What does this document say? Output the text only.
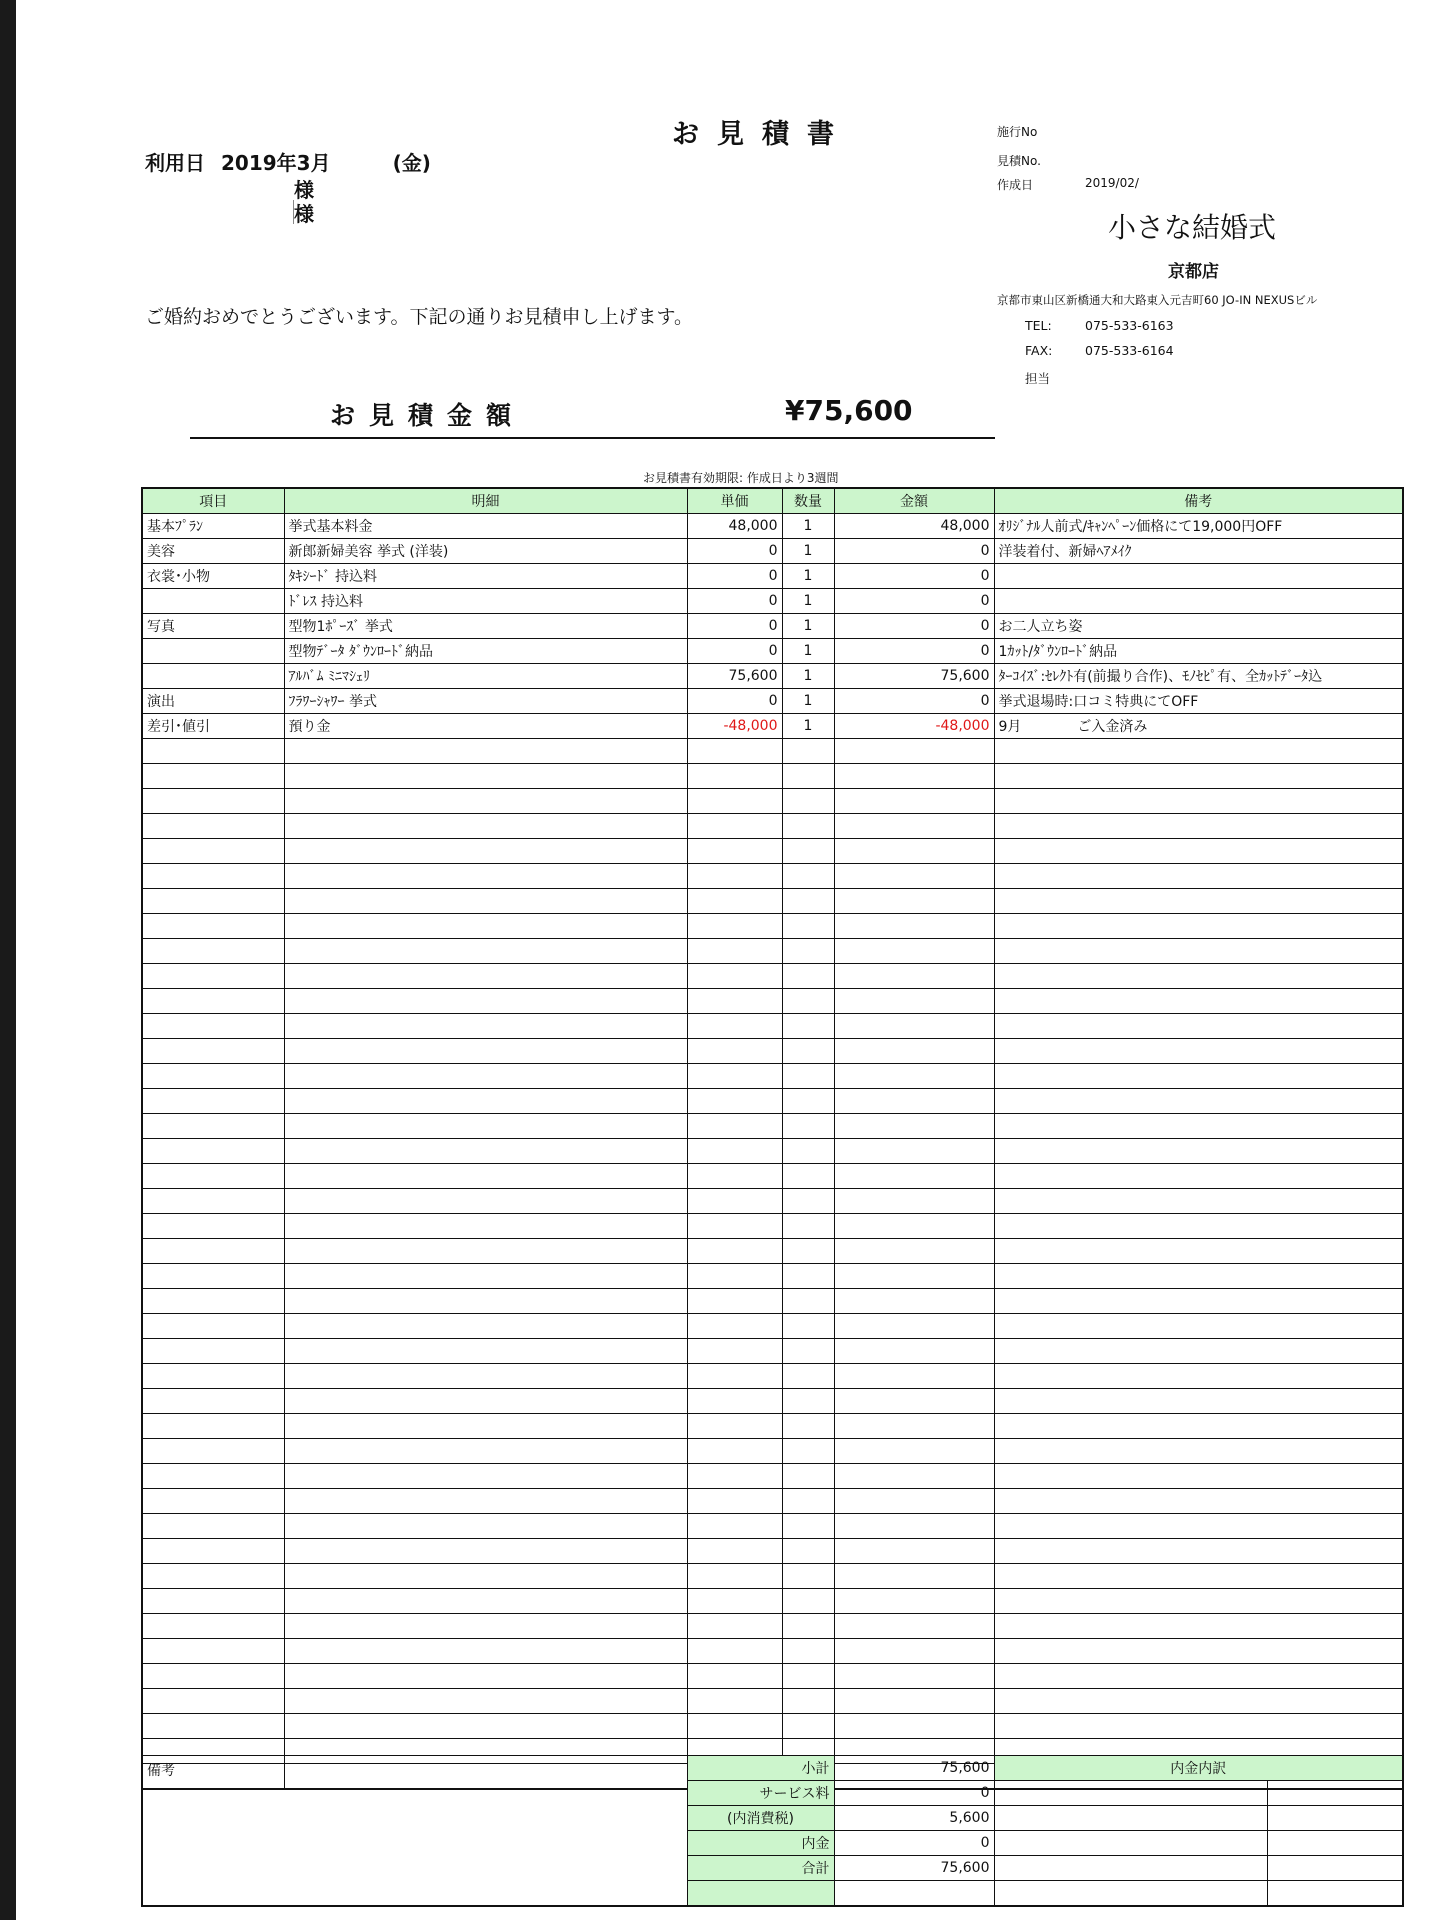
お見積書
利用日 2019年3月	(金)
様
様
施行No
見積No.
作成日	2019/02/
小さな結婚式
京都店
京都市東山区新橋通大和大路東入元吉町60 JO-IN NEXUSビル
TEL:	075-533-6163
FAX:	075-533-6164
担当
ご婚約おめでとうございます。下記の通りお見積申し上げます。
お見積金額	¥75,600
お見積書有効期限: 作成日より3週間
項目	明細	単価	数量	金額	備考
基本ﾌﾟﾗﾝ	挙式基本料金	48,000	1	48,000	ｵﾘｼﾞﾅﾙ人前式/ｷｬﾝﾍﾟｰﾝ価格にて19,000円OFF
美容	新郎新婦美容 挙式 (洋装)	0	1	0	洋装着付、新婦ﾍｱﾒｲｸ
衣裳･小物	ﾀｷｼｰﾄﾞ 持込料	0	1	0	
	ﾄﾞﾚｽ 持込料	0	1	0	
写真	型物1ﾎﾟｰｽﾞ 挙式	0	1	0	お二人立ち姿
	型物ﾃﾞｰﾀ ﾀﾞｳﾝﾛｰﾄﾞ納品	0	1	0	1ｶｯﾄ/ﾀﾞｳﾝﾛｰﾄﾞ納品
	ｱﾙﾊﾞﾑ ﾐﾆﾏｼｪﾘ	75,600	1	75,600	ﾀｰｺｲｽﾞ:ｾﾚｸﾄ有(前撮り合作)、ﾓﾉｾﾋﾟ有、全ｶｯﾄﾃﾞｰﾀ込
演出	ﾌﾗﾜｰｼｬﾜｰ 挙式	0	1	0	挙式退場時:口コミ特典にてOFF
差引･値引	預り金	-48,000	1	-48,000	9月　　　　ご入金済み

備考	小計	75,600	内金内訳	
	サービス料	0		
	(内消費税)	5,600		
	内金	0		
	合計	75,600		
